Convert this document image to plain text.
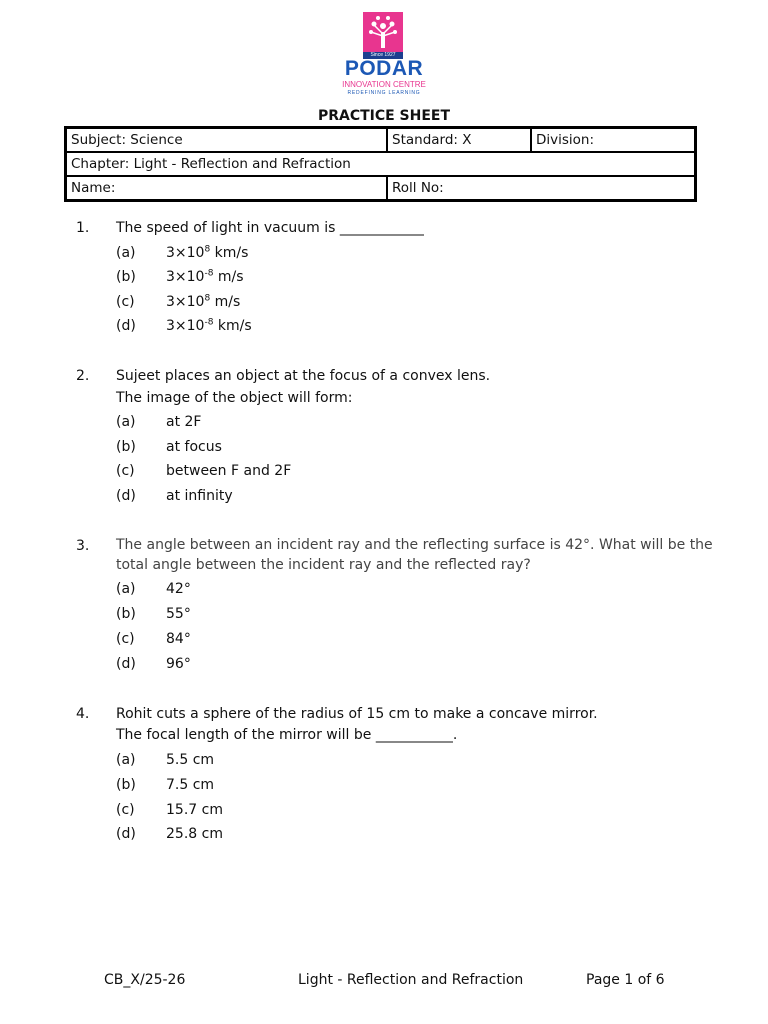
Since 1927
PODAR
INNOVATION CENTRE
REDEFINING LEARNING
PRACTICE SHEET
Subject: Science	Standard: X	Division:
Chapter: Light - Reflection and Refraction		
Name:	Roll No:	
1. The speed of light in vacuum is ____________
(a) $3\times 10^8$ km/s
(b) $3\times 10^{-8}$ m/s
(c) $3\times 10^8$ m/s
(d) $3\times 10^{-8}$ km/s
2. Sujeet places an object at the focus of a convex lens.
The image of the object will form:
(a) at 2F
(b) at focus
(c) between F and 2F
(d) at infinity
3. The angle between an incident ray and the reflecting surface is 42°. What will be the
total angle between the incident ray and the reflected ray?
(a) 42°
(b) 55°
(c) 84°
(d) 96°
4. Rohit cuts a sphere of the radius of 15 cm to make a concave mirror.
The focal length of the mirror will be ___________.
(a) 5.5 cm
(b) 7.5 cm
(c) 15.7 cm
(d) 25.8 cm
CB_X/25-26	Light - Reflection and Refraction	Page 1 of 6
